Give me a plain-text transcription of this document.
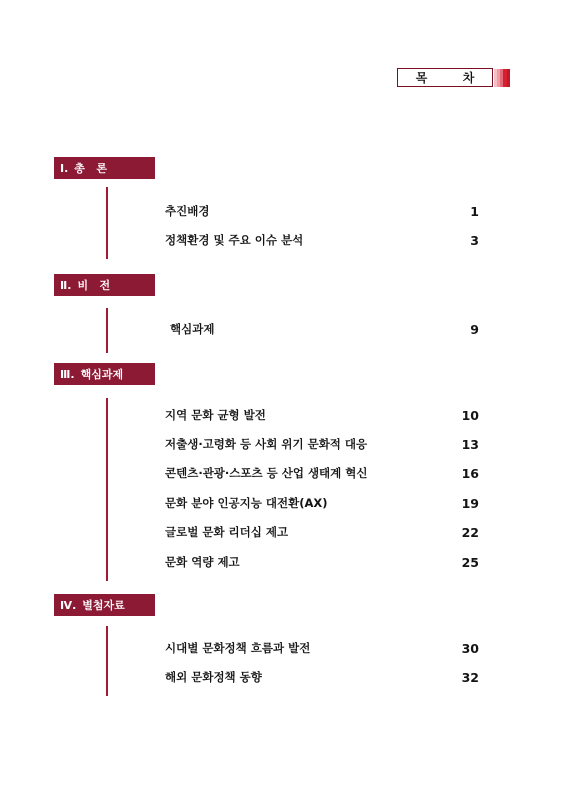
목	차
Ⅰ. 총   론
추진배경	1
정책환경 및 주요 이슈 분석	3
Ⅱ. 비   전
핵심과제	9
Ⅲ. 핵심과제
지역 문화 균형 발전	10
저출생·고령화 등 사회 위기 문화적 대응	13
콘텐츠·관광·스포츠 등 산업 생태계 혁신	16
문화 분야 인공지능 대전환(AX)	19
글로벌 문화 리더십 제고	22
문화 역량 제고	25
Ⅳ. 별첨자료
시대별 문화정책 흐름과 발전	30
해외 문화정책 동향	32
